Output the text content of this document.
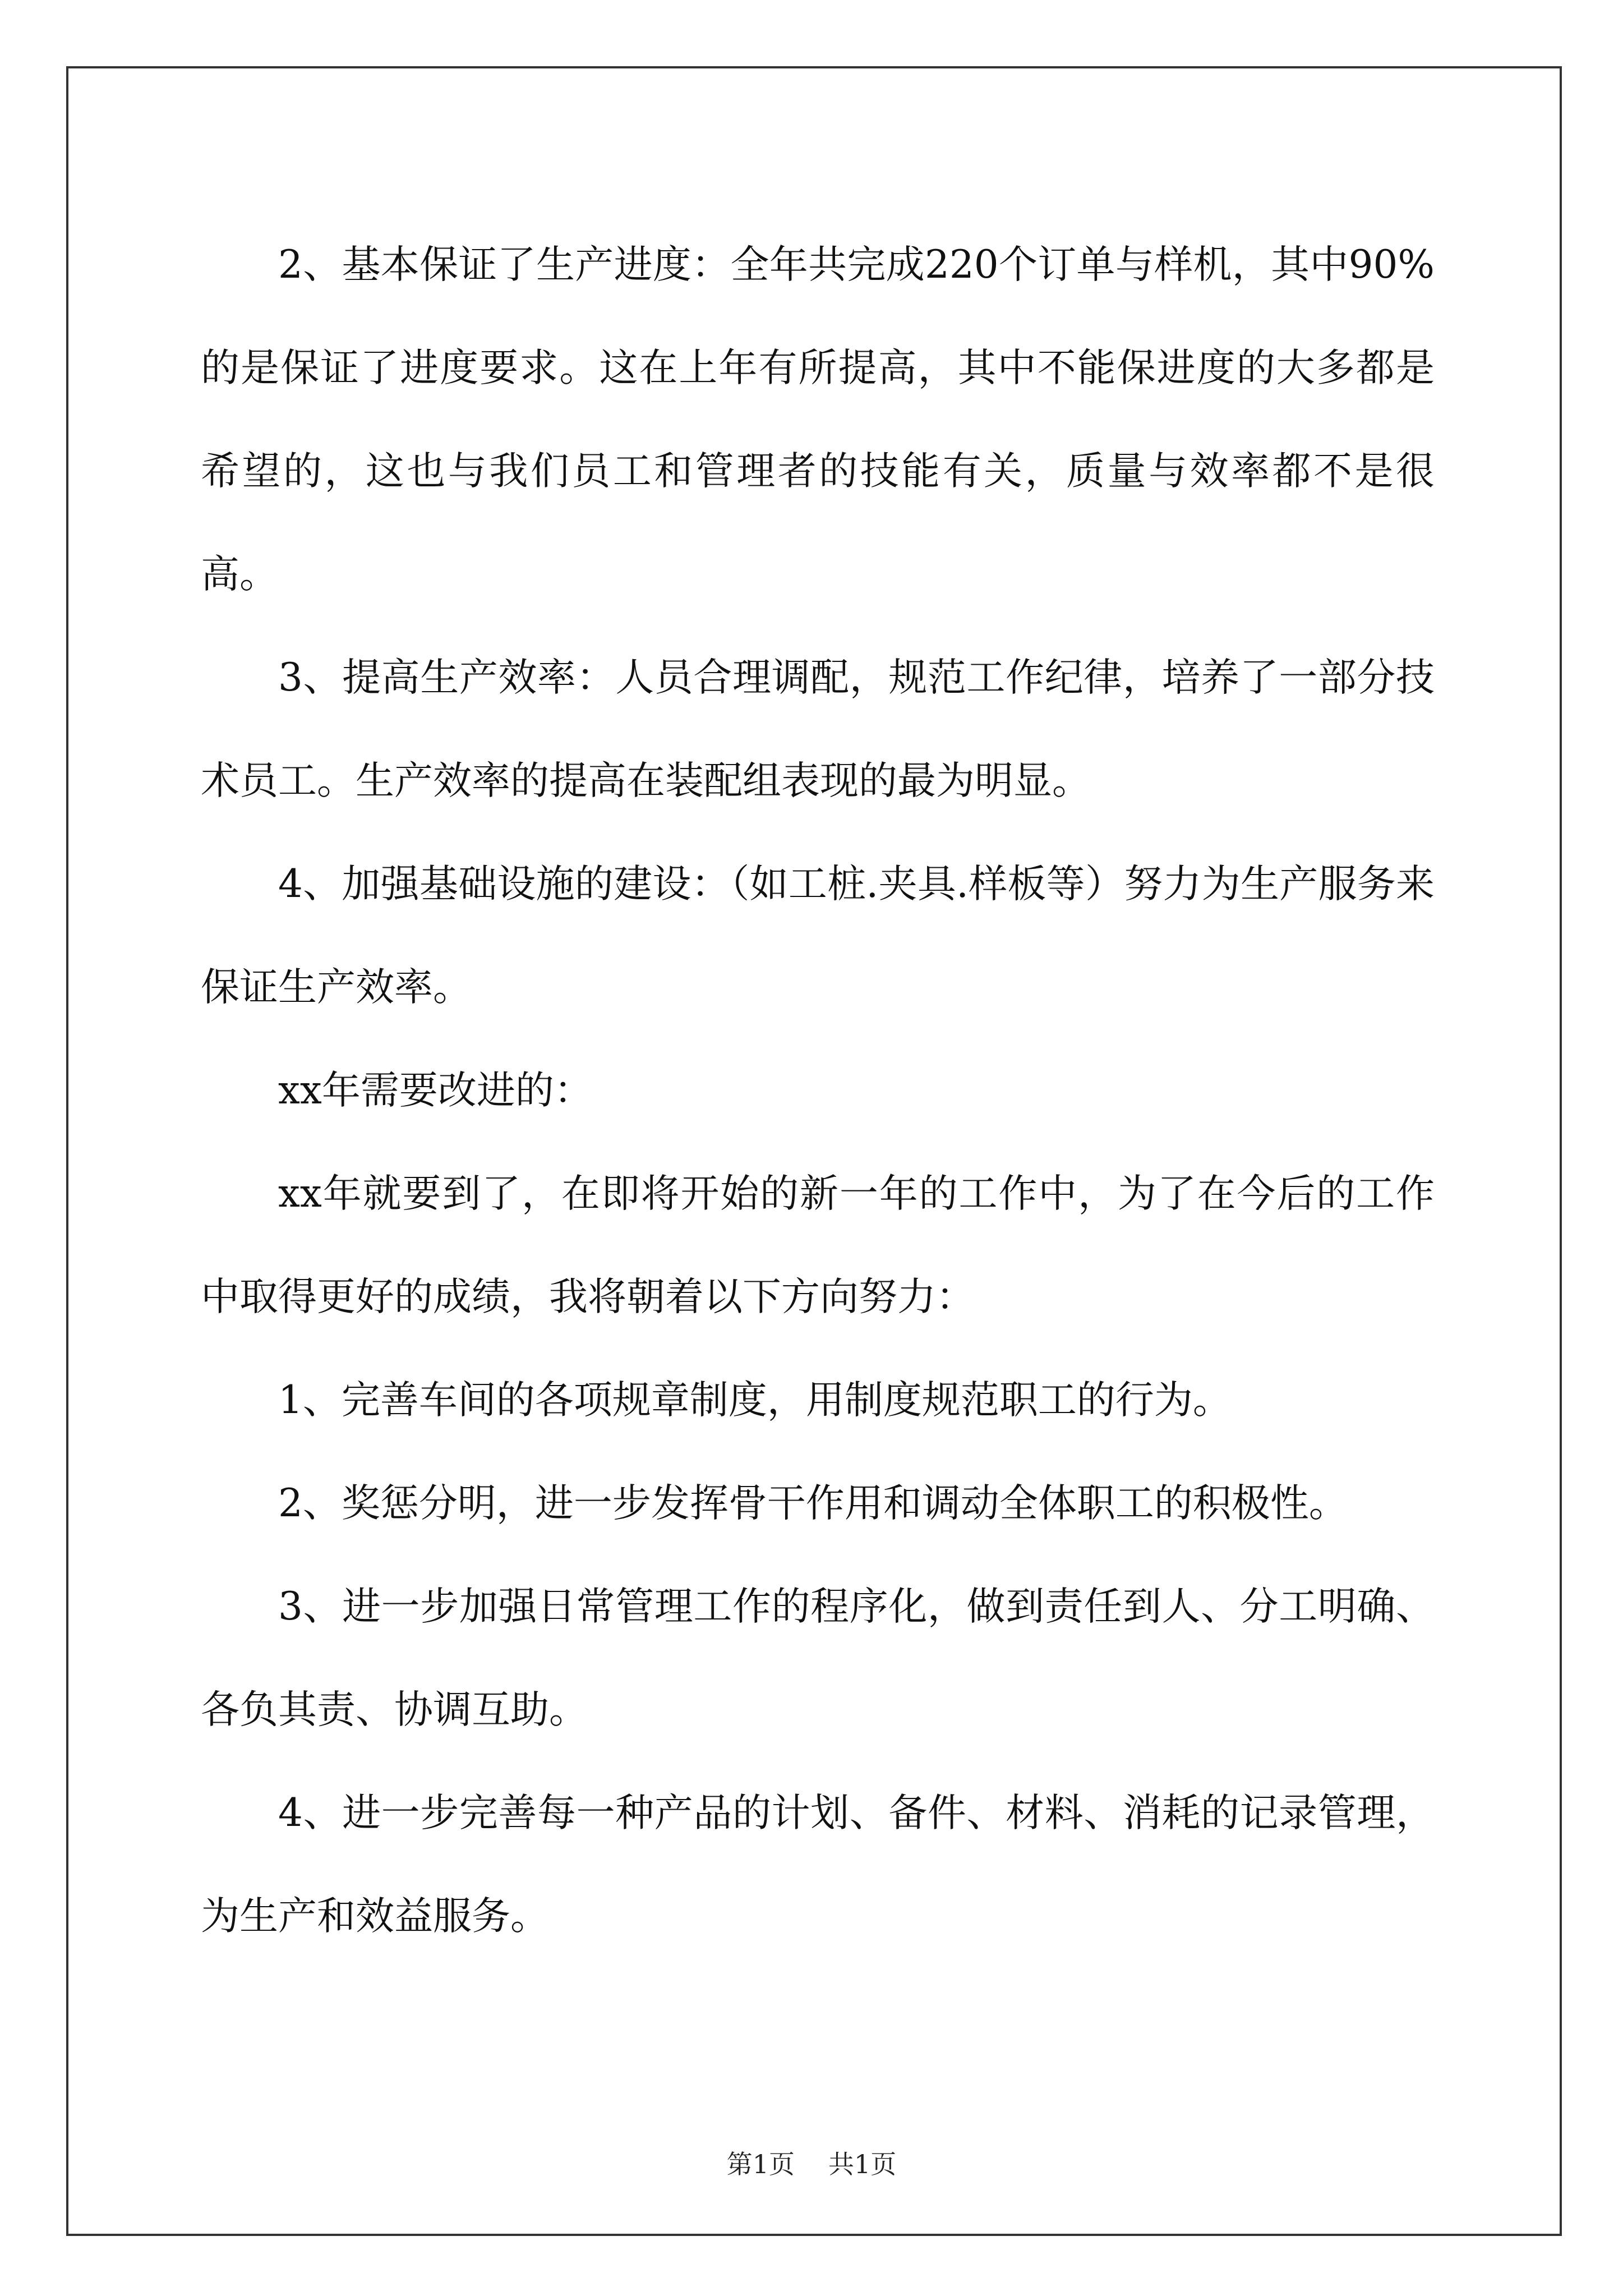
2、基本保证了生产进度：全年共完成220个订单与样机，其中90%的是保证了进度要求。这在上年有所提高，其中不能保进度的大多都是希望的，这也与我们员工和管理者的技能有关，质量与效率都不是很高。

3、提高生产效率：人员合理调配，规范工作纪律，培养了一部分技术员工。生产效率的提高在装配组表现的最为明显。

4、加强基础设施的建设：（如工桩.夹具.样板等）努力为生产服务来保证生产效率。

xx年需要改进的：

xx年就要到了，在即将开始的新一年的工作中，为了在今后的工作中取得更好的成绩，我将朝着以下方向努力：

1、完善车间的各项规章制度，用制度规范职工的行为。

2、奖惩分明，进一步发挥骨干作用和调动全体职工的积极性。

3、进一步加强日常管理工作的程序化，做到责任到人、分工明确、各负其责、协调互助。

4、进一步完善每一种产品的计划、备件、材料、消耗的记录管理，为生产和效益服务。

第1页 共1页
